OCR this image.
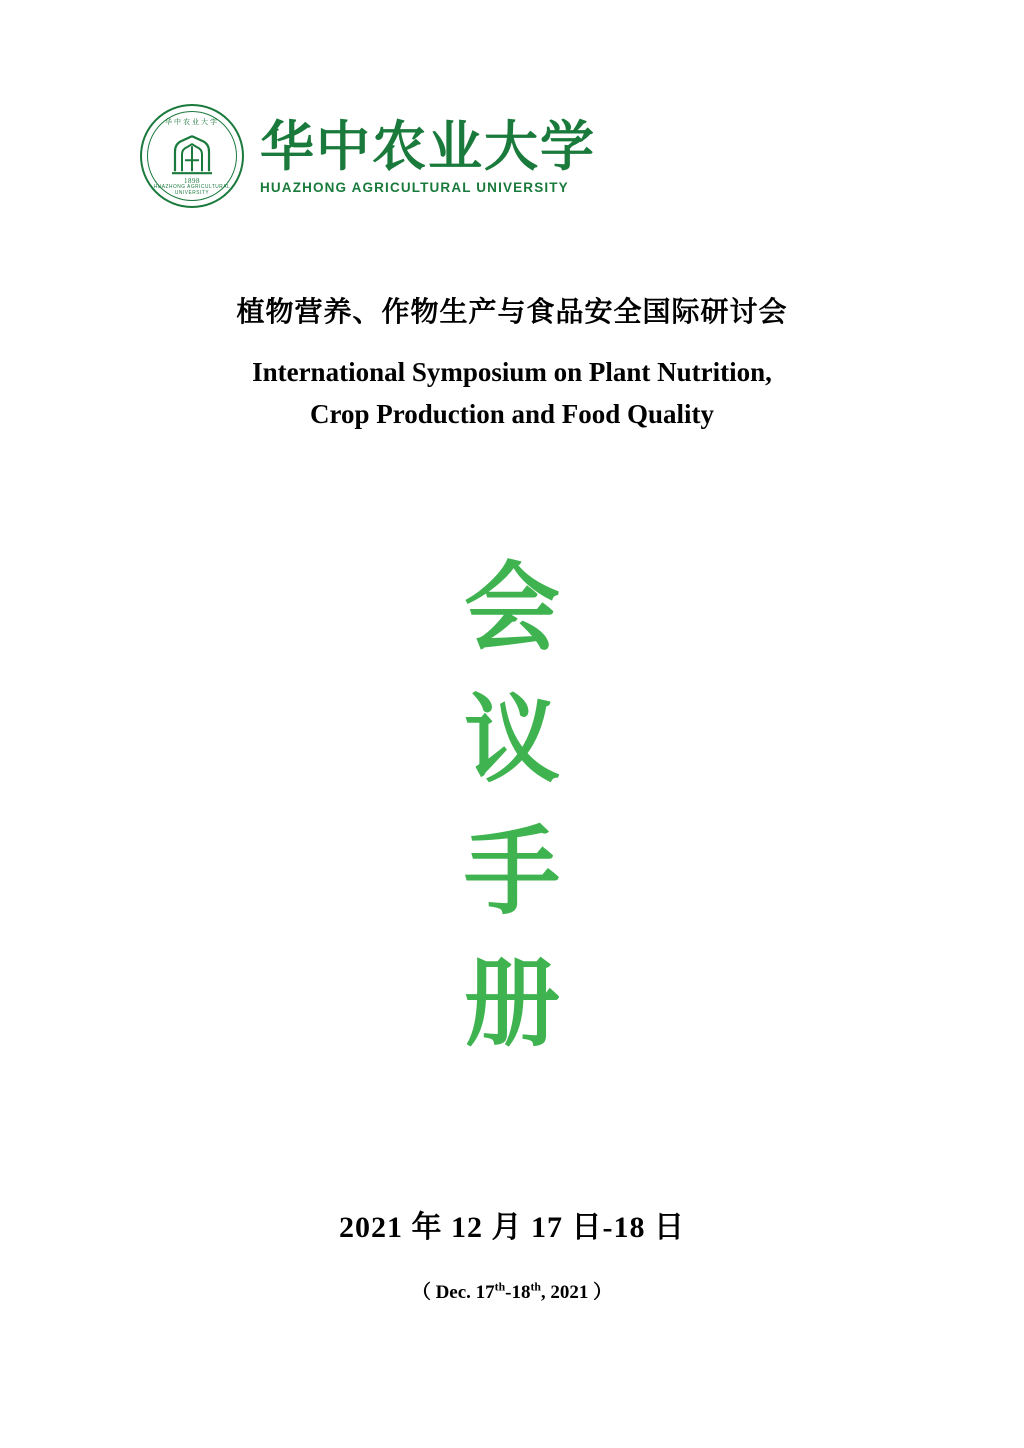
华中农业大学
1898
HUAZHONG AGRICULTURAL UNIVERSITY
华中农业大学
HUAZHONG AGRICULTURAL UNIVERSITY
植物营养、作物生产与食品安全国际研讨会
International Symposium on Plant Nutrition,
Crop Production and Food Quality
会
议
手
册
2021 年 12 月 17 日-18 日
（ Dec. 17th-18th, 2021 ）
